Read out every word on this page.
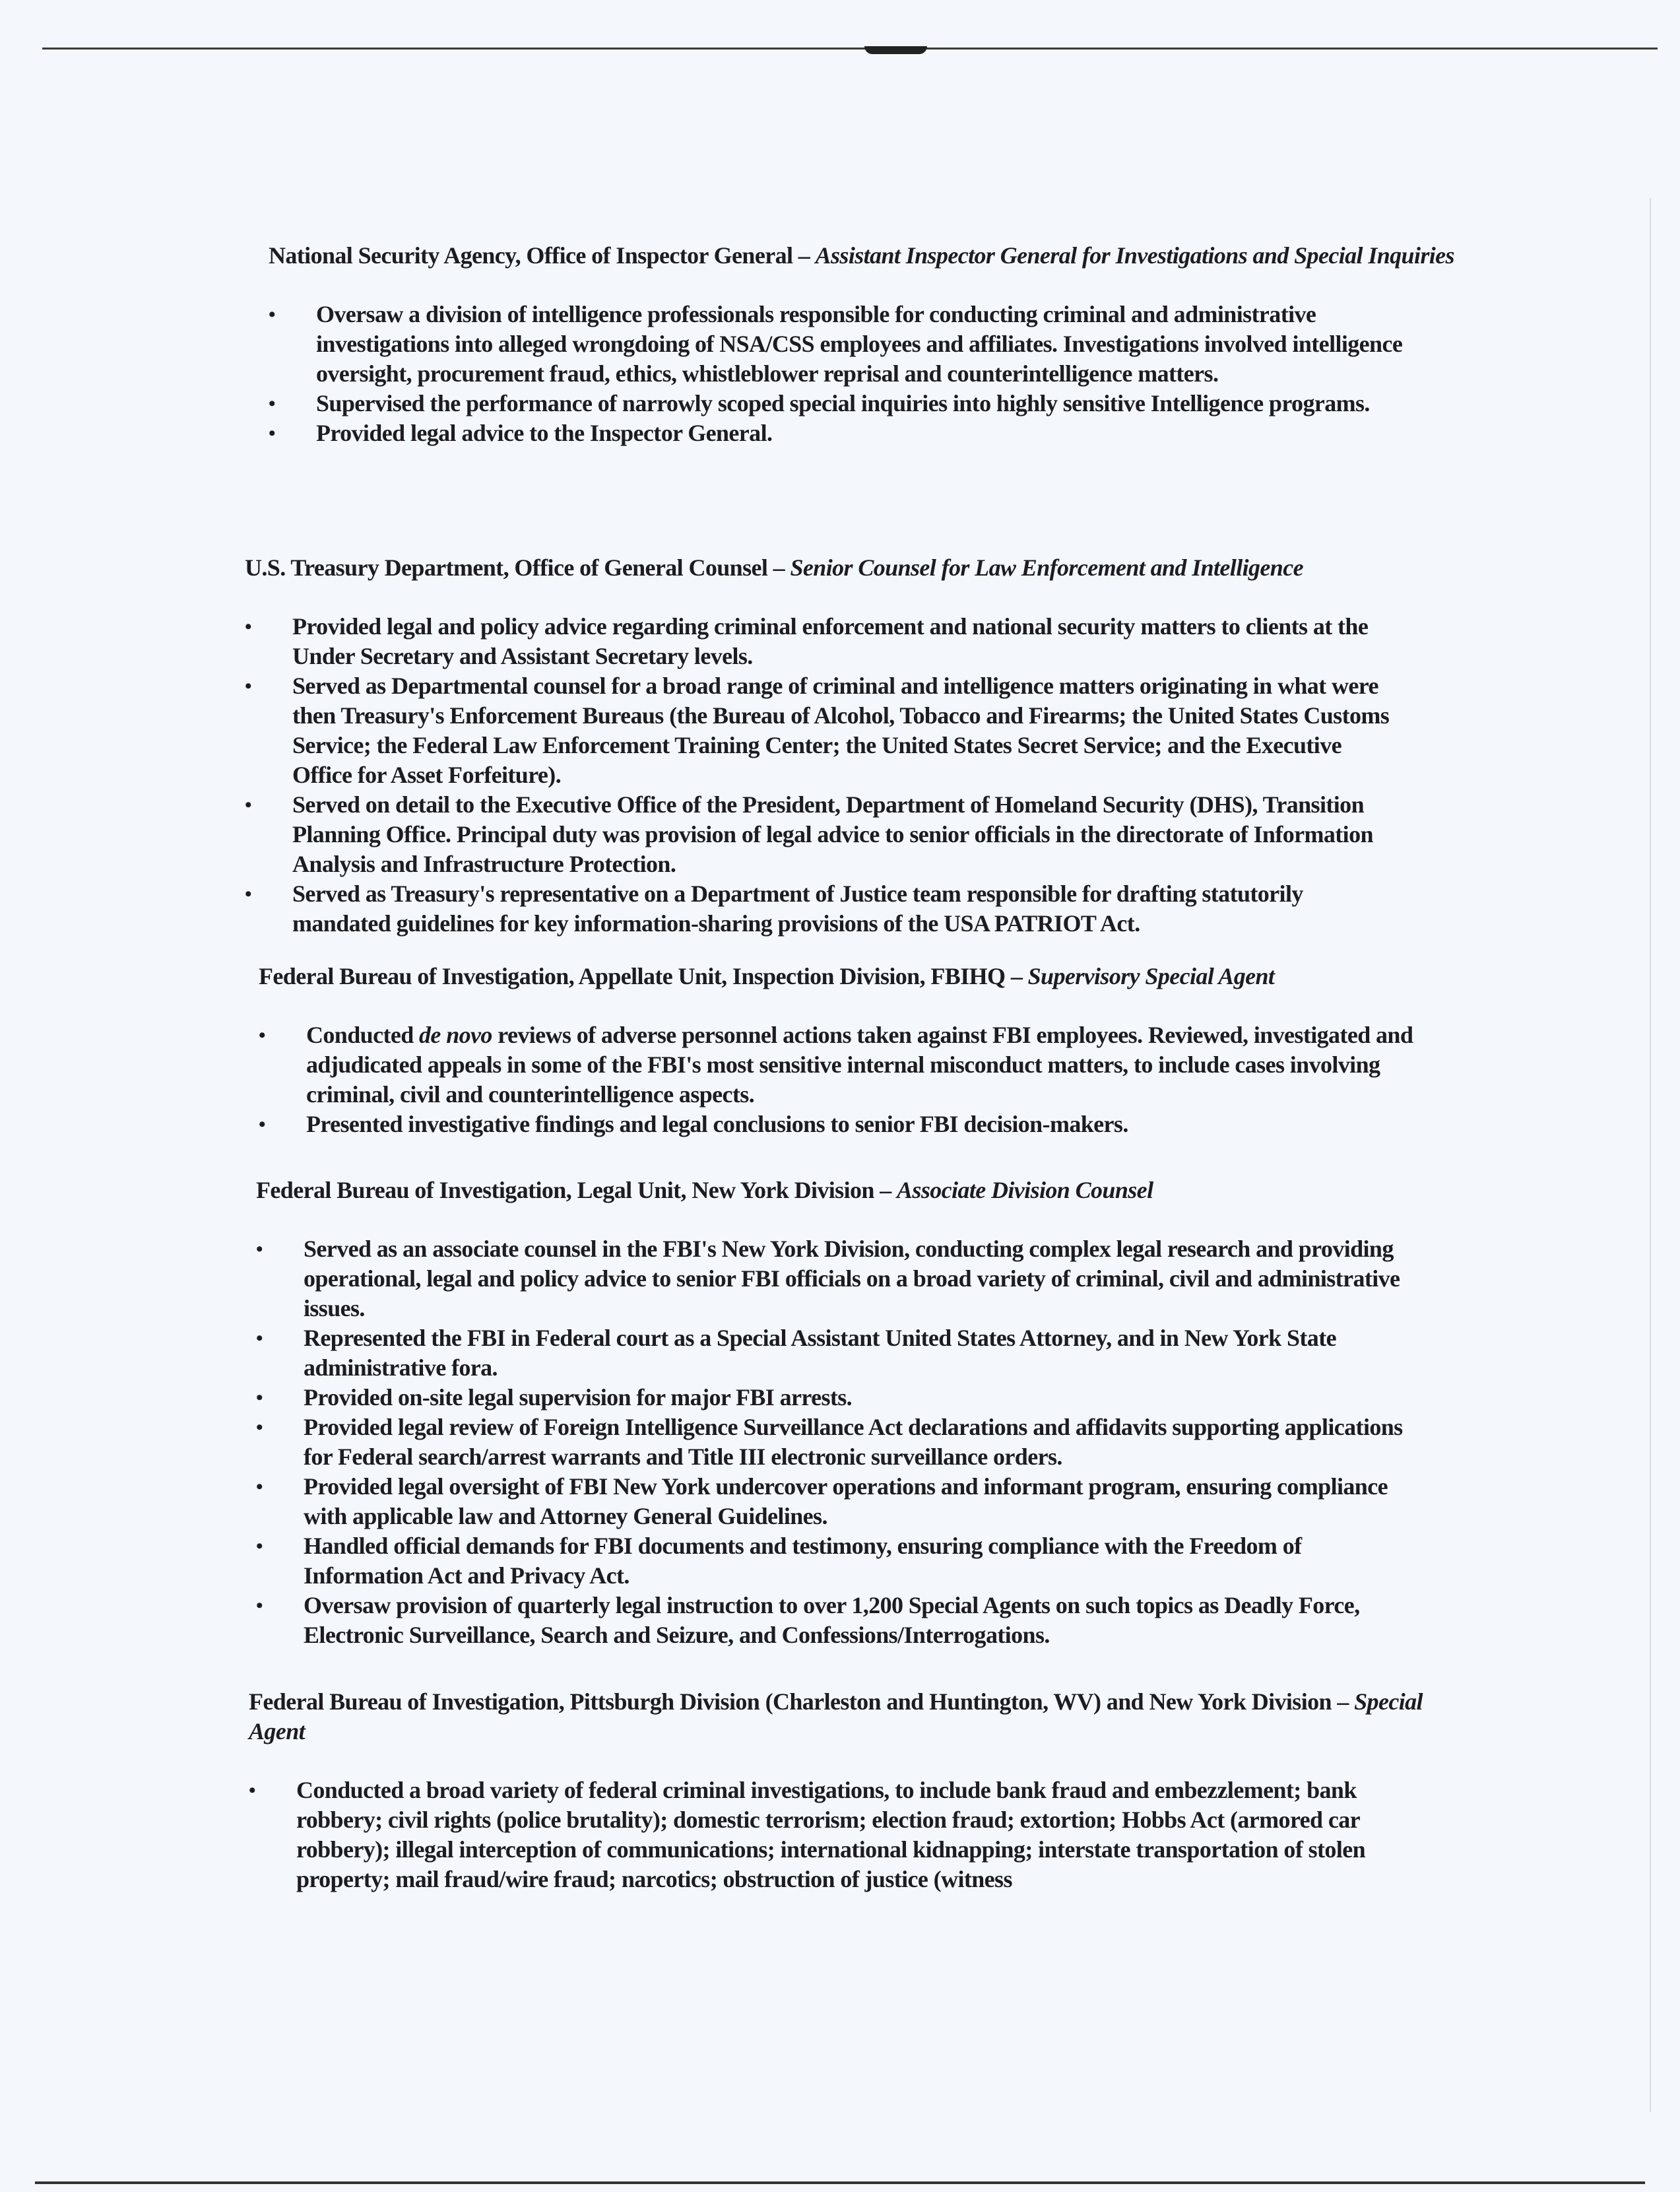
National Security Agency, Office of Inspector General – Assistant Inspector General for Investigations and Special Inquiries

• Oversaw a division of intelligence professionals responsible for conducting criminal and administrative investigations into alleged wrongdoing of NSA/CSS employees and affiliates. Investigations involved intelligence oversight, procurement fraud, ethics, whistleblower reprisal and counterintelligence matters.
• Supervised the performance of narrowly scoped special inquiries into highly sensitive Intelligence programs.
• Provided legal advice to the Inspector General.

U.S. Treasury Department, Office of General Counsel – Senior Counsel for Law Enforcement and Intelligence

• Provided legal and policy advice regarding criminal enforcement and national security matters to clients at the Under Secretary and Assistant Secretary levels.
• Served as Departmental counsel for a broad range of criminal and intelligence matters originating in what were then Treasury's Enforcement Bureaus (the Bureau of Alcohol, Tobacco and Firearms; the United States Customs Service; the Federal Law Enforcement Training Center; the United States Secret Service; and the Executive Office for Asset Forfeiture).
• Served on detail to the Executive Office of the President, Department of Homeland Security (DHS), Transition Planning Office. Principal duty was provision of legal advice to senior officials in the directorate of Information Analysis and Infrastructure Protection.
• Served as Treasury's representative on a Department of Justice team responsible for drafting statutorily mandated guidelines for key information-sharing provisions of the USA PATRIOT Act.

Federal Bureau of Investigation, Appellate Unit, Inspection Division, FBIHQ – Supervisory Special Agent

• Conducted de novo reviews of adverse personnel actions taken against FBI employees. Reviewed, investigated and adjudicated appeals in some of the FBI's most sensitive internal misconduct matters, to include cases involving criminal, civil and counterintelligence aspects.
• Presented investigative findings and legal conclusions to senior FBI decision-makers.

Federal Bureau of Investigation, Legal Unit, New York Division – Associate Division Counsel

• Served as an associate counsel in the FBI's New York Division, conducting complex legal research and providing operational, legal and policy advice to senior FBI officials on a broad variety of criminal, civil and administrative issues.
• Represented the FBI in Federal court as a Special Assistant United States Attorney, and in New York State administrative fora.
• Provided on-site legal supervision for major FBI arrests.
• Provided legal review of Foreign Intelligence Surveillance Act declarations and affidavits supporting applications for Federal search/arrest warrants and Title III electronic surveillance orders.
• Provided legal oversight of FBI New York undercover operations and informant program, ensuring compliance with applicable law and Attorney General Guidelines.
• Handled official demands for FBI documents and testimony, ensuring compliance with the Freedom of Information Act and Privacy Act.
• Oversaw provision of quarterly legal instruction to over 1,200 Special Agents on such topics as Deadly Force, Electronic Surveillance, Search and Seizure, and Confessions/Interrogations.

Federal Bureau of Investigation, Pittsburgh Division (Charleston and Huntington, WV) and New York Division – Special Agent

• Conducted a broad variety of federal criminal investigations, to include bank fraud and embezzlement; bank robbery; civil rights (police brutality); domestic terrorism; election fraud; extortion; Hobbs Act (armored car robbery); illegal interception of communications; international kidnapping; interstate transportation of stolen property; mail fraud/wire fraud; narcotics; obstruction of justice (witness
